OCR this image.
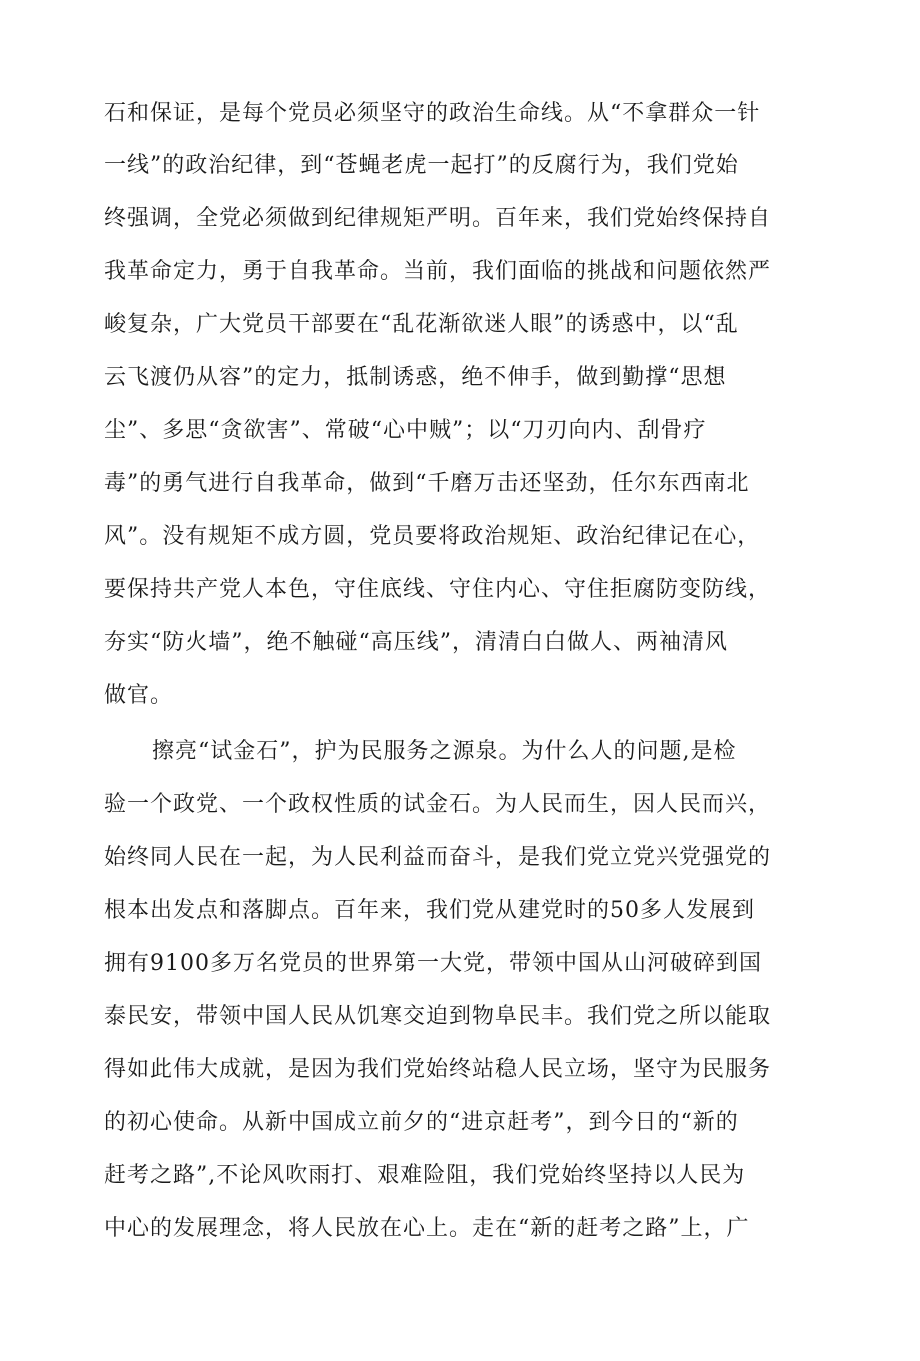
石和保证，是每个党员必须坚守的政治生命线。从“不拿群众一针
一线”的政治纪律，到“苍蝇老虎一起打”的反腐行为，我们党始
终强调，全党必须做到纪律规矩严明。百年来，我们党始终保持自
我革命定力，勇于自我革命。当前，我们面临的挑战和问题依然严
峻复杂，广大党员干部要在“乱花渐欲迷人眼”的诱惑中，以“乱
云飞渡仍从容”的定力，抵制诱惑，绝不伸手，做到勤撑“思想
尘”、多思“贪欲害”、常破“心中贼”；以“刀刃向内、刮骨疗
毒”的勇气进行自我革命，做到“千磨万击还坚劲，任尔东西南北
风”。没有规矩不成方圆，党员要将政治规矩、政治纪律记在心，
要保持共产党人本色，守住底线、守住内心、守住拒腐防变防线，
夯实“防火墙”，绝不触碰“高压线”，清清白白做人、两袖清风
做官。
擦亮“试金石”，护为民服务之源泉。为什么人的问题,是检
验一个政党、一个政权性质的试金石。为人民而生，因人民而兴，
始终同人民在一起，为人民利益而奋斗，是我们党立党兴党强党的
根本出发点和落脚点。百年来，我们党从建党时的50多人发展到
拥有9100多万名党员的世界第一大党，带领中国从山河破碎到国
泰民安，带领中国人民从饥寒交迫到物阜民丰。我们党之所以能取
得如此伟大成就，是因为我们党始终站稳人民立场，坚守为民服务
的初心使命。从新中国成立前夕的“进京赶考”，到今日的“新的
赶考之路”,不论风吹雨打、艰难险阻，我们党始终坚持以人民为
中心的发展理念，将人民放在心上。走在“新的赶考之路”上，广
